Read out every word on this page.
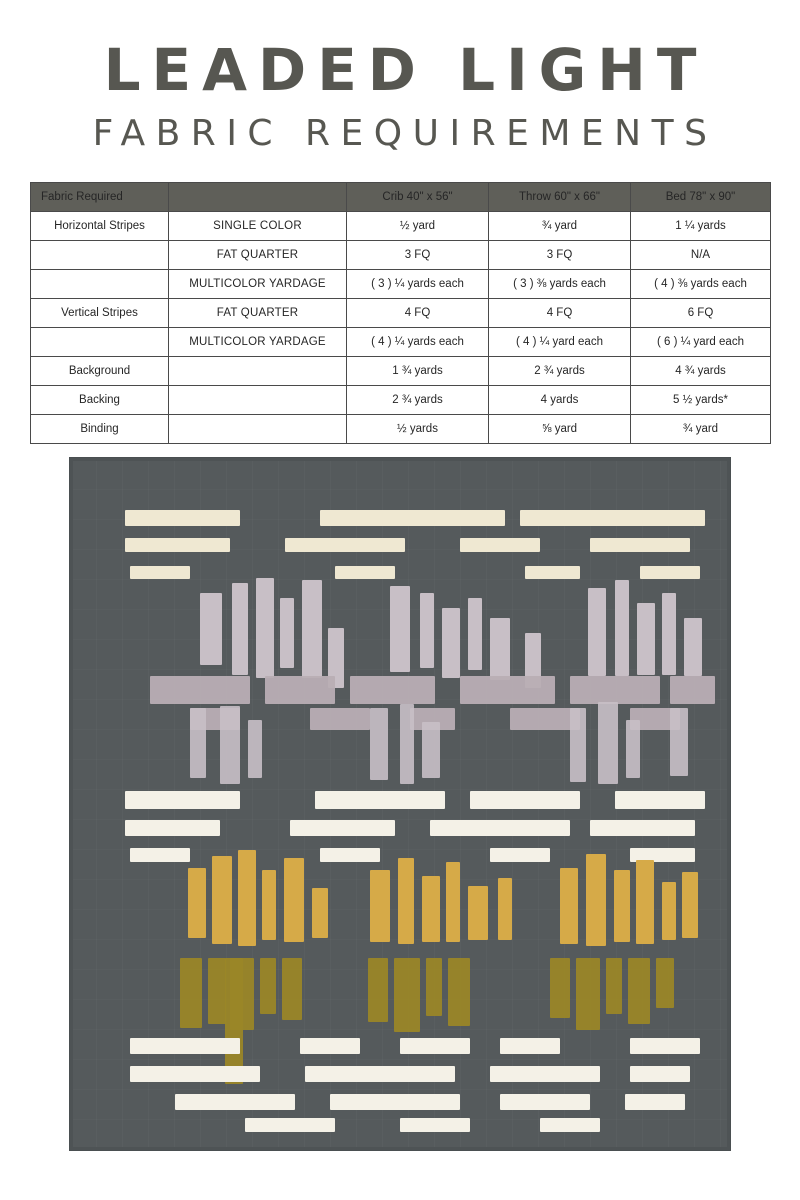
LEADED LIGHT
FABRIC REQUIREMENTS
Fabric Required		Crib 40" x 56"	Throw 60" x 66"	Bed 78" x 90"
Horizontal Stripes	SINGLE COLOR	½ yard	¾ yard	1 ¼ yards
	FAT QUARTER	3 FQ	3 FQ	N/A
	MULTICOLOR YARDAGE	( 3 ) ¼ yards each	( 3 ) ⅜ yards each	( 4 ) ⅜ yards each
Vertical Stripes	FAT QUARTER	4 FQ	4 FQ	6 FQ
	MULTICOLOR YARDAGE	( 4 ) ¼ yards each	( 4 ) ¼ yard each	( 6 ) ¼ yard each
Background		1 ¾ yards	2 ¾ yards	4 ¾ yards
Backing		2 ¾ yards	4 yards	5 ½ yards*
Binding		½ yards	⅝ yard	¾ yard
